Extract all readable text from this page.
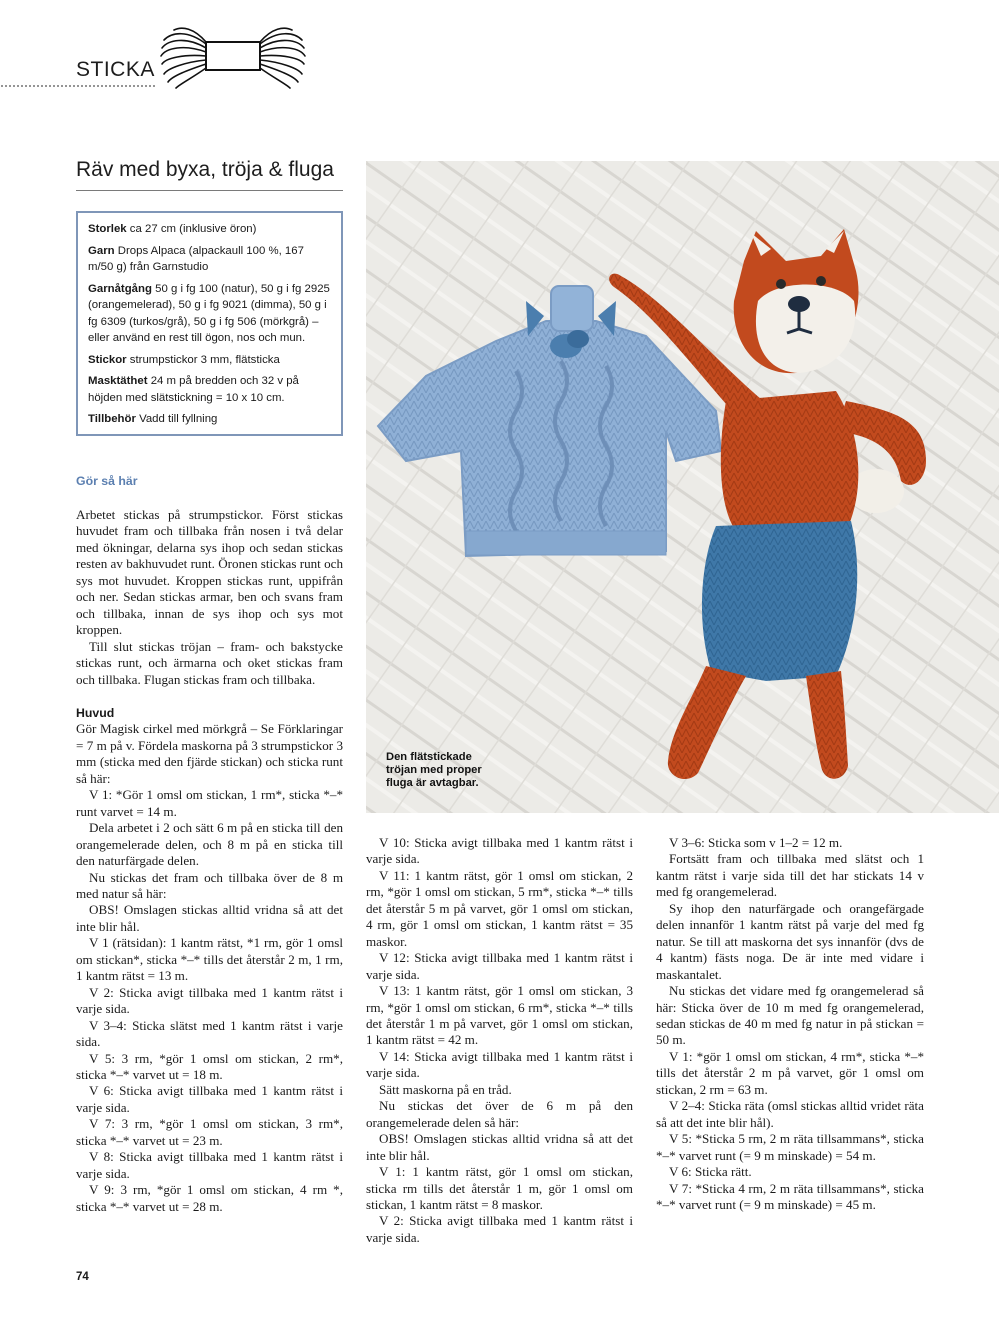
STICKA
Räv med byxa, tröja & fluga

Storlek ca 27 cm (inklusive öron)

Garn Drops Alpaca (alpackaull 100 %, 167 m/50 g) från Garnstudio

Garnåtgång 50 g i fg 100 (natur), 50 g i fg 2925 (orangemelerad), 50 g i fg 9021 (dimma), 50 g i fg 6309 (turkos/grå), 50 g i fg 506 (mörkgrå) – eller använd en rest till ögon, nos och mun.

Stickor strumpstickor 3 mm, flätsticka

Masktäthet 24 m på bredden och 32 v på höjden med slätstickning = 10 x 10 cm.

Tillbehör Vadd till fyllning

Gör så här

Arbetet stickas på strumpstickor. Först stickas huvudet fram och tillbaka från nosen i två delar med ökningar, delarna sys ihop och sedan stickas resten av bakhuvudet runt. Öronen stickas runt och sys mot huvudet. Kroppen stickas runt, uppifrån och ner. Sedan stickas armar, ben och svans fram och tillbaka, innan de sys ihop och sys mot kroppen.

Till slut stickas tröjan – fram- och bakstycke stickas runt, och ärmarna och oket stickas fram och tillbaka. Flugan stickas fram och tillbaka.

Huvud

Gör Magisk cirkel med mörkgrå – Se Förklaringar = 7 m på v. Fördela maskorna på 3 strumpstickor 3 mm (sticka med den fjärde stickan) och sticka runt så här:

V 1: *Gör 1 omsl om stickan, 1 rm*, sticka *–* runt varvet = 14 m.

Dela arbetet i 2 och sätt 6 m på en sticka till den orangemelerade delen, och 8 m på en sticka till den naturfärgade delen.

Nu stickas det fram och tillbaka över de 8 m med natur så här:

OBS! Omslagen stickas alltid vridna så att det inte blir hål.

V 1 (rätsidan): 1 kantm rätst, *1 rm, gör 1 omsl om stickan*, sticka *–* tills det återstår 2 m, 1 rm, 1 kantm rätst = 13 m.

V 2: Sticka avigt tillbaka med 1 kantm rätst i varje sida.

V 3–4: Sticka slätst med 1 kantm rätst i varje sida.

V 5: 3 rm, *gör 1 omsl om stickan, 2 rm*, sticka *–* varvet ut = 18 m.

V 6: Sticka avigt tillbaka med 1 kantm rätst i varje sida.

V 7: 3 rm, *gör 1 omsl om stickan, 3 rm*, sticka *–* varvet ut = 23 m.

V 8: Sticka avigt tillbaka med 1 kantm rätst i varje sida.

V 9: 3 rm, *gör 1 omsl om stickan, 4 rm *, sticka *–* varvet ut = 28 m.

V 10: Sticka avigt tillbaka med 1 kantm rätst i varje sida.

V 11: 1 kantm rätst, gör 1 omsl om stickan, 2 rm, *gör 1 omsl om stickan, 5 rm*, sticka *–* tills det återstår 5 m på varvet, gör 1 omsl om stickan, 4 rm, gör 1 omsl om stickan, 1 kantm rätst = 35 maskor.

V 12: Sticka avigt tillbaka med 1 kantm rätst i varje sida.

V 13: 1 kantm rätst, gör 1 omsl om stickan, 3 rm, *gör 1 omsl om stickan, 6 rm*, sticka *–* tills det återstår 1 m på varvet, gör 1 omsl om stickan, 1 kantm rätst = 42 m.

V 14: Sticka avigt tillbaka med 1 kantm rätst i varje sida.

Sätt maskorna på en tråd.

Nu stickas det över de 6 m på den orangemelerade delen så här:

OBS! Omslagen stickas alltid vridna så att det inte blir hål.

V 1: 1 kantm rätst, gör 1 omsl om stickan, sticka rm tills det återstår 1 m, gör 1 omsl om stickan, 1 kantm rätst = 8 maskor.

V 2: Sticka avigt tillbaka med 1 kantm rätst i varje sida.

V 3–6: Sticka som v 1–2 = 12 m.

Fortsätt fram och tillbaka med slätst och 1 kantm rätst i varje sida till det har stickats 14 v med fg orangemelerad.

Sy ihop den naturfärgade och orangefärgade delen innanför 1 kantm rätst på varje del med fg natur. Se till att maskorna det sys innanför (dvs de 4 kantm) fästs noga. De är inte med vidare i maskantalet.

Nu stickas det vidare med fg orangemelerad så här: Sticka över de 10 m med fg orangemelerad, sedan stickas de 40 m med fg natur in på stickan = 50 m.

V 1: *gör 1 omsl om stickan, 4 rm*, sticka *–* tills det återstår 2 m på varvet, gör 1 omsl om stickan, 2 rm = 63 m.

V 2–4: Sticka räta (omsl stickas alltid vridet räta så att det inte blir hål).

V 5: *Sticka 5 rm, 2 m räta tillsammans*, sticka *–* varvet runt (= 9 m minskade) = 54 m.

V 6: Sticka rätt.

V 7: *Sticka 4 rm, 2 m räta tillsammans*, sticka *–* varvet runt (= 9 m minskade) = 45 m.

Den flätstickade tröjan med proper fluga är avtagbar.
74
